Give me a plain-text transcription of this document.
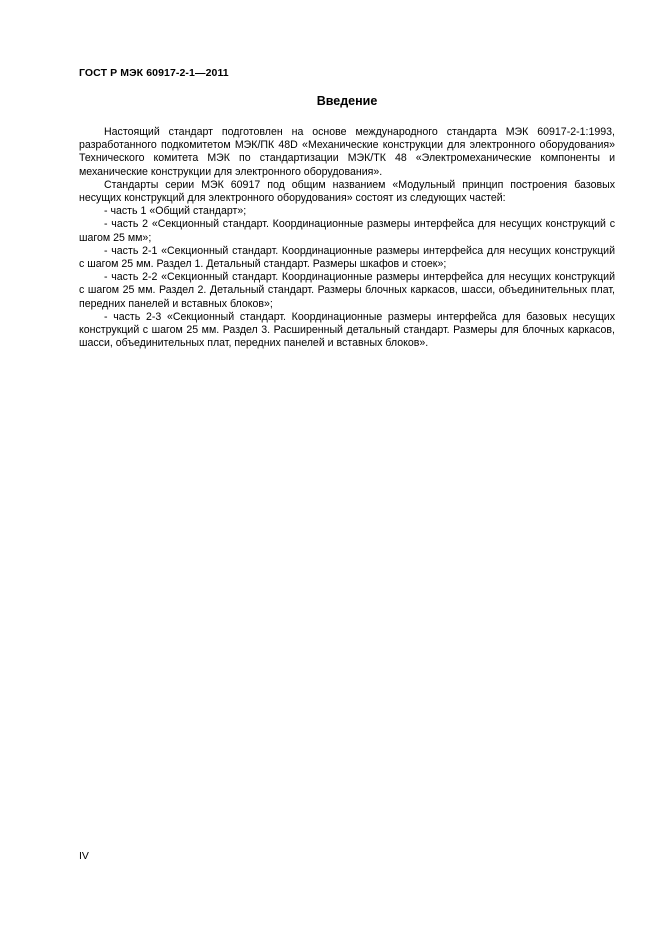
ГОСТ Р МЭК 60917-2-1—2011
Введение

Настоящий стандарт подготовлен на основе международного стандарта МЭК 60917-2-1:1993, разработанного подкомитетом МЭК/ПК 48D «Механические конструкции для электронного оборудования» Технического комитета МЭК по стандартизации МЭК/ТК 48 «Электромеханические компоненты и механические конструкции для электронного оборудования».

Стандарты серии МЭК 60917 под общим названием «Модульный принцип построения базовых несущих конструкций для электронного оборудования» состоят из следующих частей:

- часть 1 «Общий стандарт»;

- часть 2 «Секционный стандарт. Координационные размеры интерфейса для несущих конструкций с шагом 25 мм»;

- часть 2-1 «Секционный стандарт. Координационные размеры интерфейса для несущих конструкций с шагом 25 мм. Раздел 1. Детальный стандарт. Размеры шкафов и стоек»;

- часть 2-2 «Секционный стандарт. Координационные размеры интерфейса для несущих конструкций с шагом 25 мм. Раздел 2. Детальный стандарт. Размеры блочных каркасов, шасси, объединительных плат, передних панелей и вставных блоков»;

- часть 2-3 «Секционный стандарт. Координационные размеры интерфейса для базовых несущих конструкций с шагом 25 мм. Раздел 3. Расширенный детальный стандарт. Размеры для блочных каркасов, шасси, объединительных плат, передних панелей и вставных блоков».

IV
